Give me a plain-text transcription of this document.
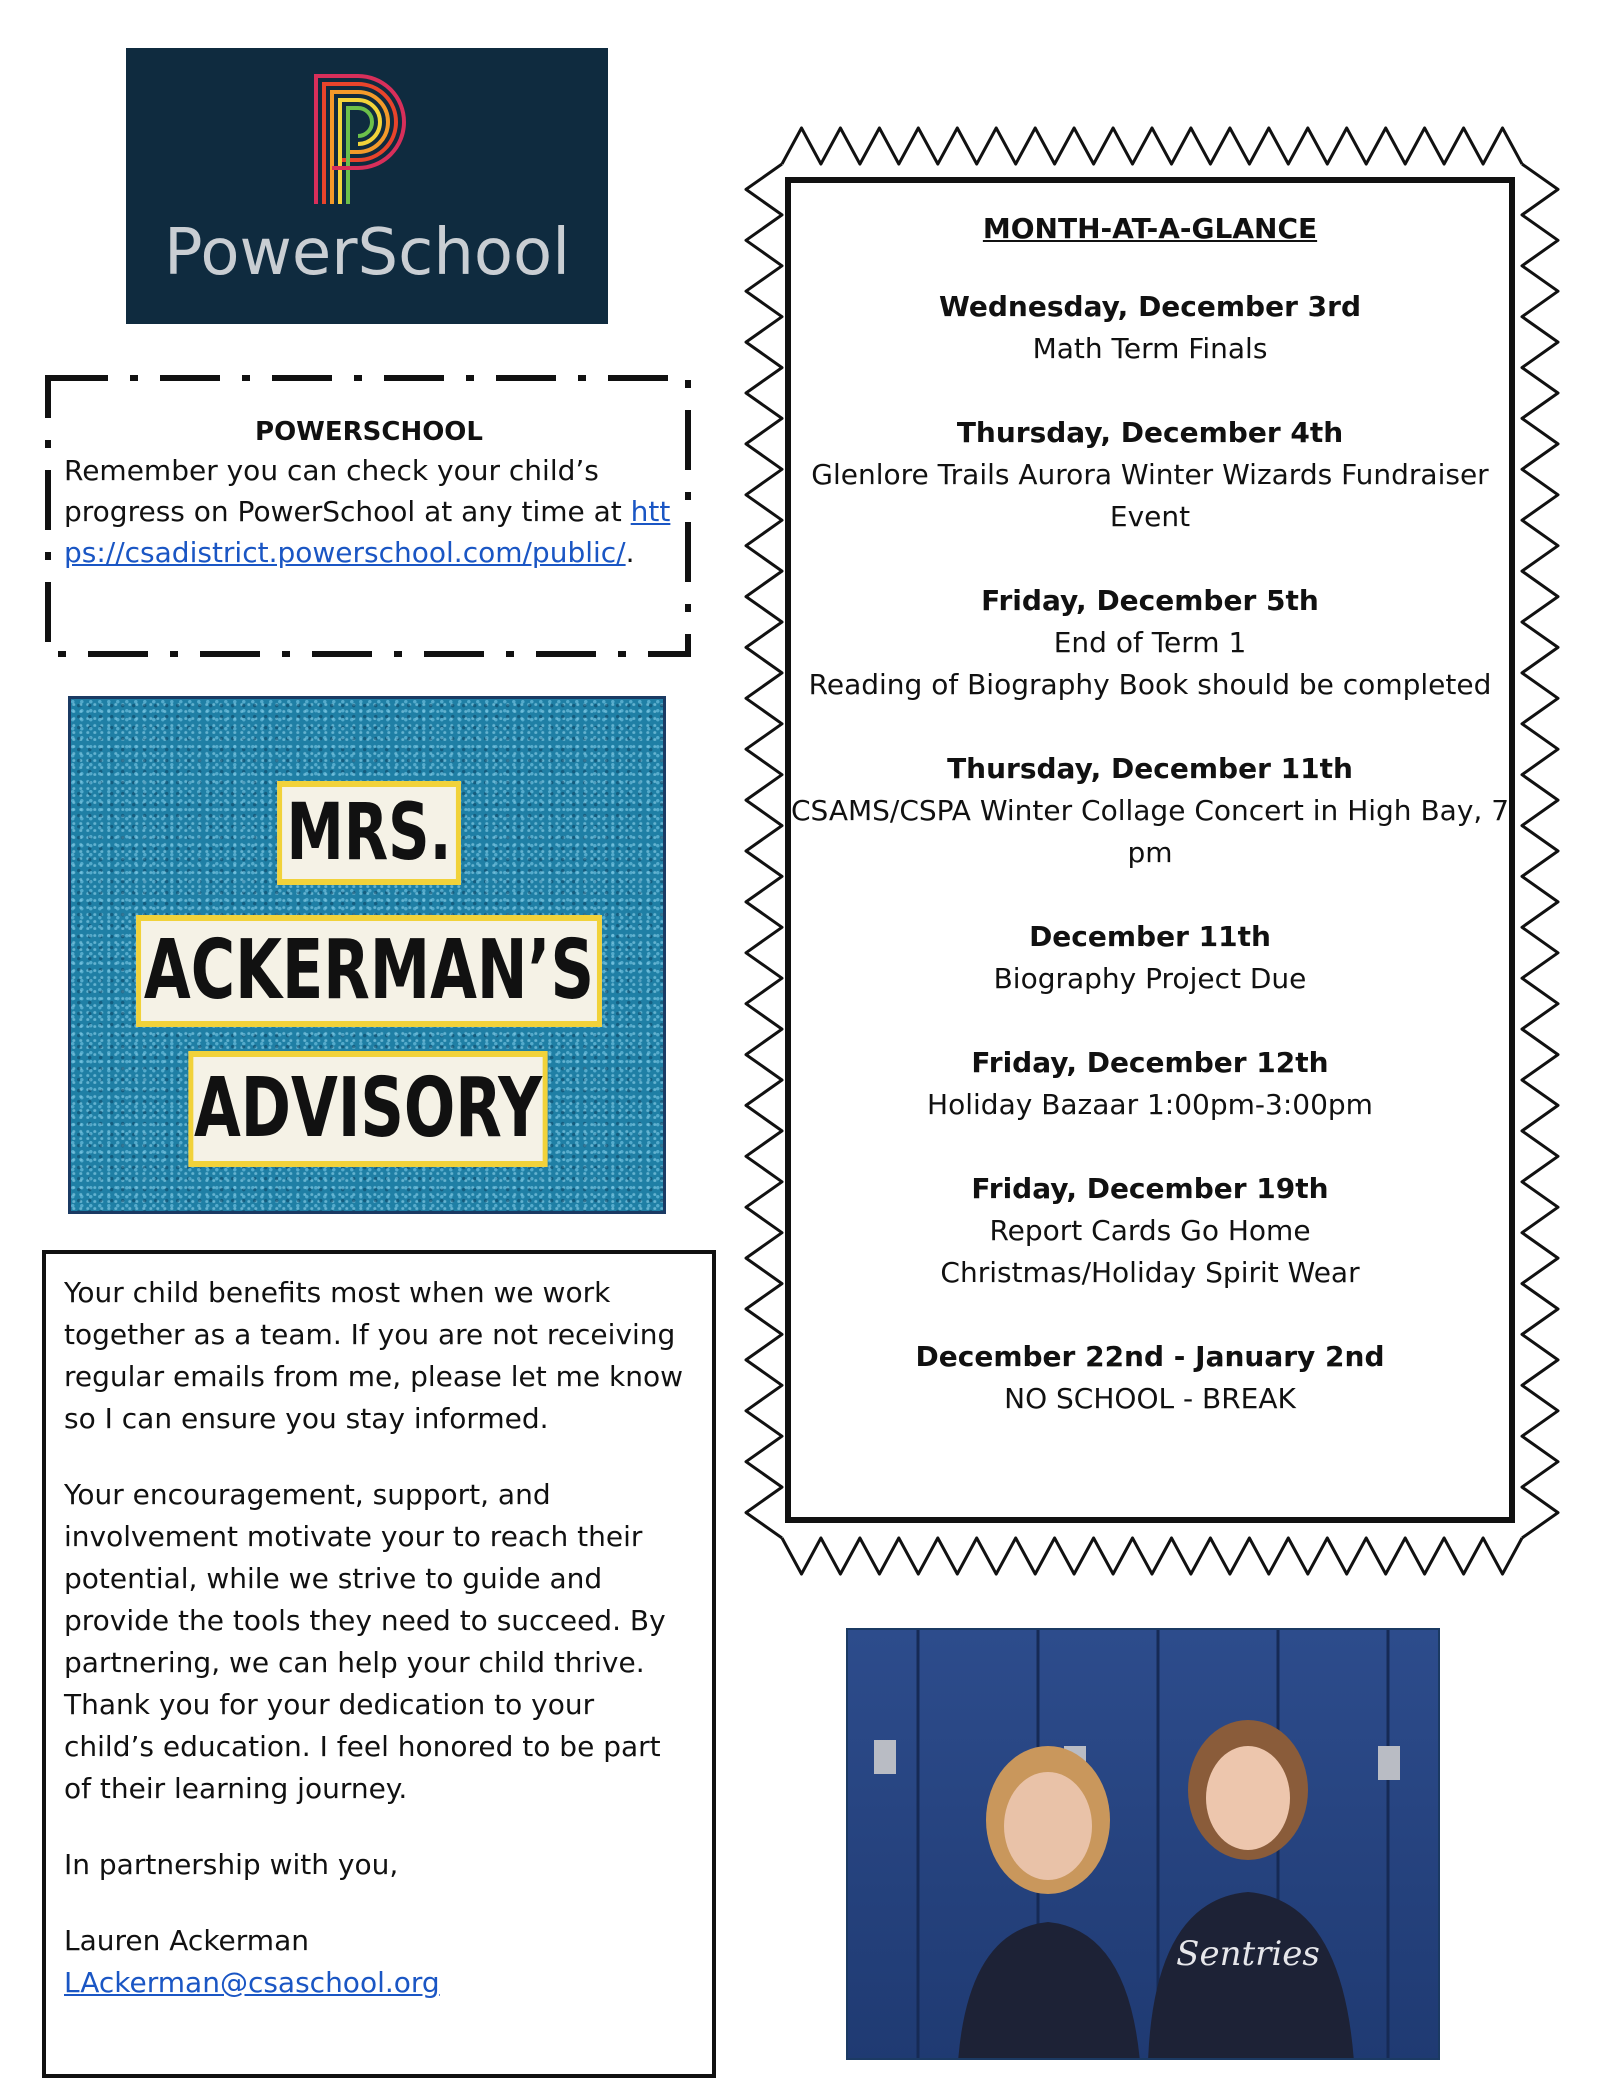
PowerSchool
POWERSCHOOL
Remember you can check your child’s progress on PowerSchool at any time at https://csadistrict.powerschool.com/public/.
MRS.
ACKERMAN’S
ADVISORY

Your child benefits most when we work together as a team. If you are not receiving regular emails from me, please let me know so I can ensure you stay informed.

Your encouragement, support, and involvement motivate your to reach their potential, while we strive to guide and provide the tools they need to succeed. By partnering, we can help your child thrive. Thank you for your dedication to your child’s education. I feel honored to be part of their learning journey.

In partnership with you,

Lauren Ackerman
LAckerman@csaschool.org
MONTH-AT-A-GLANCE
Wednesday, December 3rd
Math Term Finals
Thursday, December 4th
Glenlore Trails Aurora Winter Wizards Fundraiser Event
Friday, December 5th
End of Term 1
Reading of Biography Book should be completed
Thursday, December 11th
CSAMS/CSPA Winter Collage Concert in High Bay, 7 pm
December 11th
Biography Project Due
Friday, December 12th
Holiday Bazaar 1:00pm-3:00pm
Friday, December 19th
Report Cards Go Home
Christmas/Holiday Spirit Wear
December 22nd - January 2nd
NO SCHOOL - BREAK
Sentries
